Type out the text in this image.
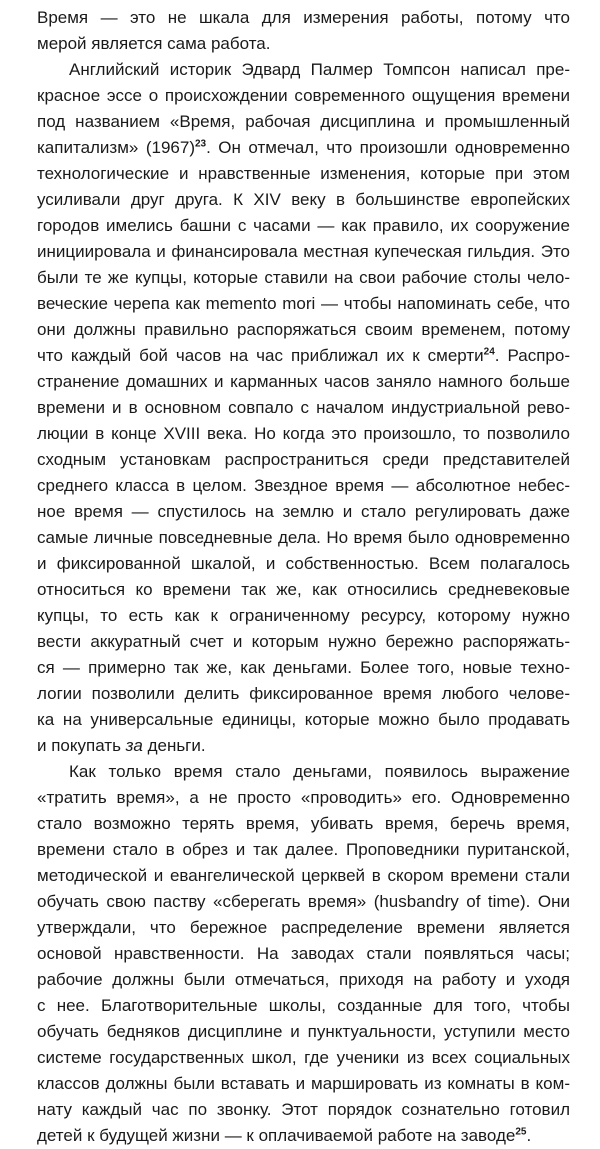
Время — это не шкала для измерения работы, потому что
мерой является сама работа.

Английский историк Эдвард Палмер Томпсон написал пре-
красное эссе о происхождении современного ощущения времени
под названием «Время, рабочая дисциплина и промышленный
капитализм» $(1967)^{23}$. Он отмечал, что произошли одновременно
технологические и нравственные изменения, которые при этом
усиливали друг друга. К XIV веку в большинстве европейских
городов имелись башни с часами — как правило, их сооружение
инициировала и финансировала местная купеческая гильдия. Это
были те же купцы, которые ставили на свои рабочие столы чело-
веческие черепа как memento mori — чтобы напоминать себе, что
они должны правильно распоряжаться своим временем, потому
что каждый бой часов на час приближал их к смерти$^{24}$. Распро-
странение домашних и карманных часов заняло намного больше
времени и в основном совпало с началом индустриальной рево-
люции в конце XVIII века. Но когда это произошло, то позволило
сходным установкам распространиться среди представителей
среднего класса в целом. Звездное время — абсолютное небес-
ное время — спустилось на землю и стало регулировать даже
самые личные повседневные дела. Но время было одновременно
и фиксированной шкалой, и собственностью. Всем полагалось
относиться ко времени так же, как относились средневековые
купцы, то есть как к ограниченному ресурсу, которому нужно
вести аккуратный счет и которым нужно бережно распоряжать-
ся — примерно так же, как деньгами. Более того, новые техно-
логии позволили делить фиксированное время любого челове-
ка на универсальные единицы, которые можно было продавать
и покупать за деньги.

Как только время стало деньгами, появилось выражение
«тратить время», а не просто «проводить» его. Одновременно
стало возможно терять время, убивать время, беречь время,
времени стало в обрез и так далее. Проповедники пуританской,
методической и евангелической церквей в скором времени стали
обучать свою паству «сберегать время» (husbandry of time). Они
утверждали, что бережное распределение времени является
основой нравственности. На заводах стали появляться часы;
рабочие должны были отмечаться, приходя на работу и уходя
с нее. Благотворительные школы, созданные для того, чтобы
обучать бедняков дисциплине и пунктуальности, уступили место
системе государственных школ, где ученики из всех социальных
классов должны были вставать и маршировать из комнаты в ком-
нату каждый час по звонку. Этот порядок сознательно готовил
детей к будущей жизни — к оплачиваемой работе на заводе$^{25}$.
